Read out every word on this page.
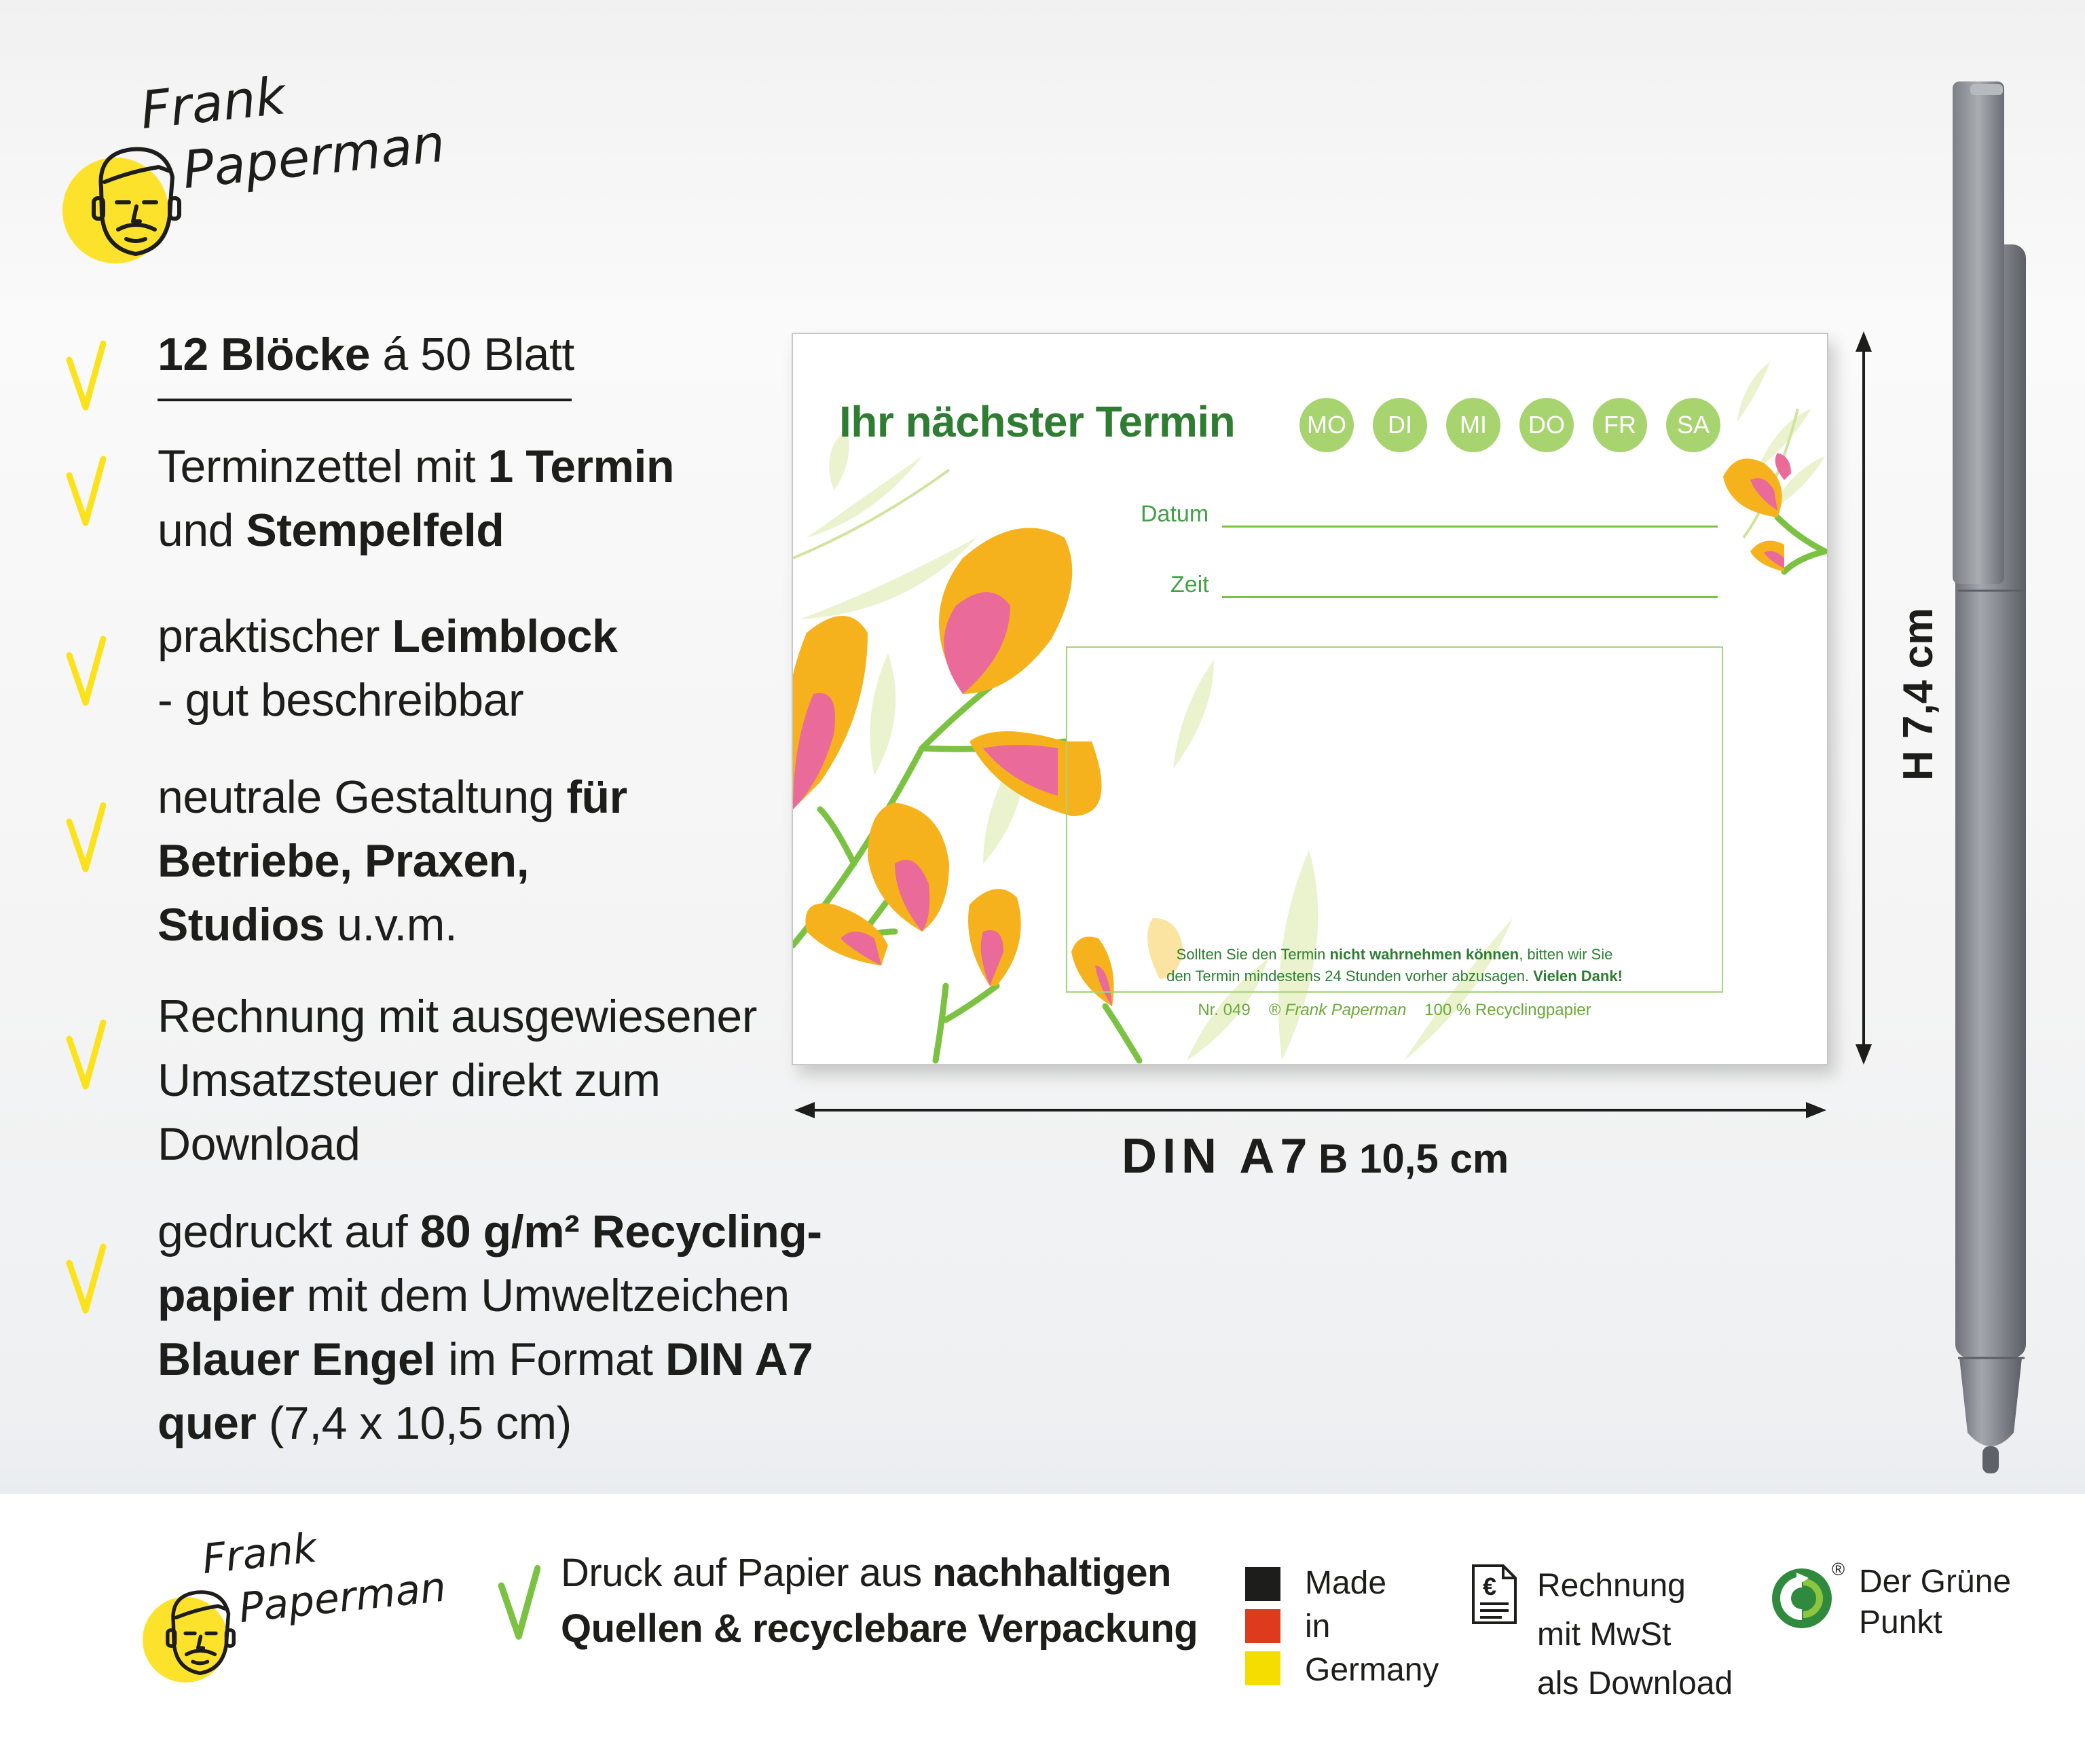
Frank
Paperman
12 Blöcke á 50 Blatt
Terminzettel mit 1 Termin
und Stempelfeld
praktischer Leimblock
- gut beschreibbar
neutrale Gestaltung für
Betriebe, Praxen,
Studios u.v.m.
Rechnung mit ausgewiesener
Umsatzsteuer direkt zum
Download
gedruckt auf 80 g/m² Recycling-
papier mit dem Umweltzeichen
Blauer Engel im Format DIN A7
quer (7,4 x 10,5 cm)
Ihr nächster Termin	MO	DI	MI	DO	FR	SA
Datum
Zeit
Sollten Sie den Termin nicht wahrnehmen können, bitten wir Sie
den Termin mindestens 24 Stunden vorher abzusagen. Vielen Dank!
Nr. 049 ® Frank Paperman 100 % Recyclingpapier
DIN A7 B 10,5 cm
H 7,4 cm
Frank
Paperman	Druck auf Papier aus nachhaltigen
Quellen & recyclebare Verpackung
Made
in
Germany
€ Rechnung
mit MwSt
als Download
® Der Grüne
Punkt
